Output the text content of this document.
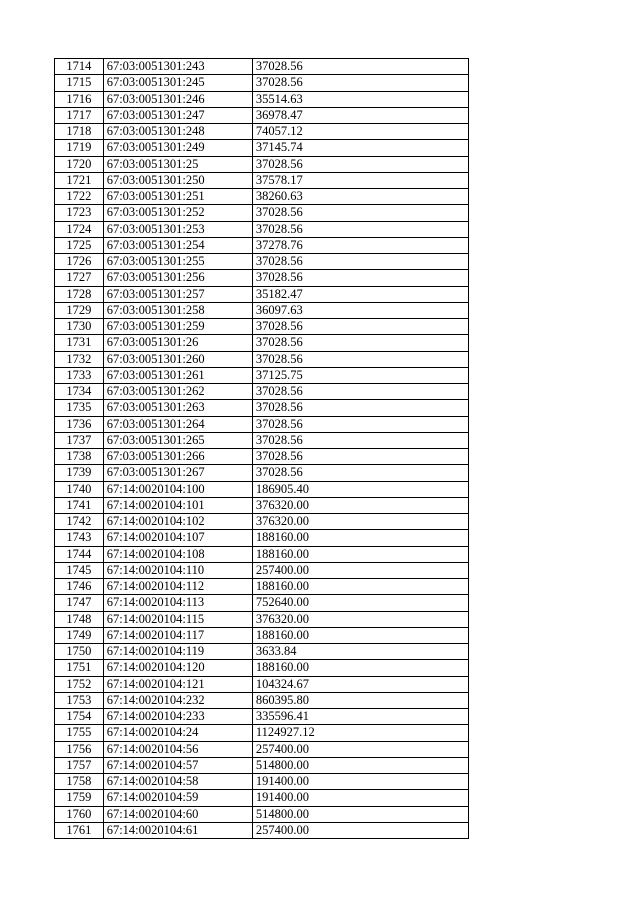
1714	67:03:0051301:243	37028.56
1715	67:03:0051301:245	37028.56
1716	67:03:0051301:246	35514.63
1717	67:03:0051301:247	36978.47
1718	67:03:0051301:248	74057.12
1719	67:03:0051301:249	37145.74
1720	67:03:0051301:25	37028.56
1721	67:03:0051301:250	37578.17
1722	67:03:0051301:251	38260.63
1723	67:03:0051301:252	37028.56
1724	67:03:0051301:253	37028.56
1725	67:03:0051301:254	37278.76
1726	67:03:0051301:255	37028.56
1727	67:03:0051301:256	37028.56
1728	67:03:0051301:257	35182.47
1729	67:03:0051301:258	36097.63
1730	67:03:0051301:259	37028.56
1731	67:03:0051301:26	37028.56
1732	67:03:0051301:260	37028.56
1733	67:03:0051301:261	37125.75
1734	67:03:0051301:262	37028.56
1735	67:03:0051301:263	37028.56
1736	67:03:0051301:264	37028.56
1737	67:03:0051301:265	37028.56
1738	67:03:0051301:266	37028.56
1739	67:03:0051301:267	37028.56
1740	67:14:0020104:100	186905.40
1741	67:14:0020104:101	376320.00
1742	67:14:0020104:102	376320.00
1743	67:14:0020104:107	188160.00
1744	67:14:0020104:108	188160.00
1745	67:14:0020104:110	257400.00
1746	67:14:0020104:112	188160.00
1747	67:14:0020104:113	752640.00
1748	67:14:0020104:115	376320.00
1749	67:14:0020104:117	188160.00
1750	67:14:0020104:119	3633.84
1751	67:14:0020104:120	188160.00
1752	67:14:0020104:121	104324.67
1753	67:14:0020104:232	860395.80
1754	67:14:0020104:233	335596.41
1755	67:14:0020104:24	1124927.12
1756	67:14:0020104:56	257400.00
1757	67:14:0020104:57	514800.00
1758	67:14:0020104:58	191400.00
1759	67:14:0020104:59	191400.00
1760	67:14:0020104:60	514800.00
1761	67:14:0020104:61	257400.00
